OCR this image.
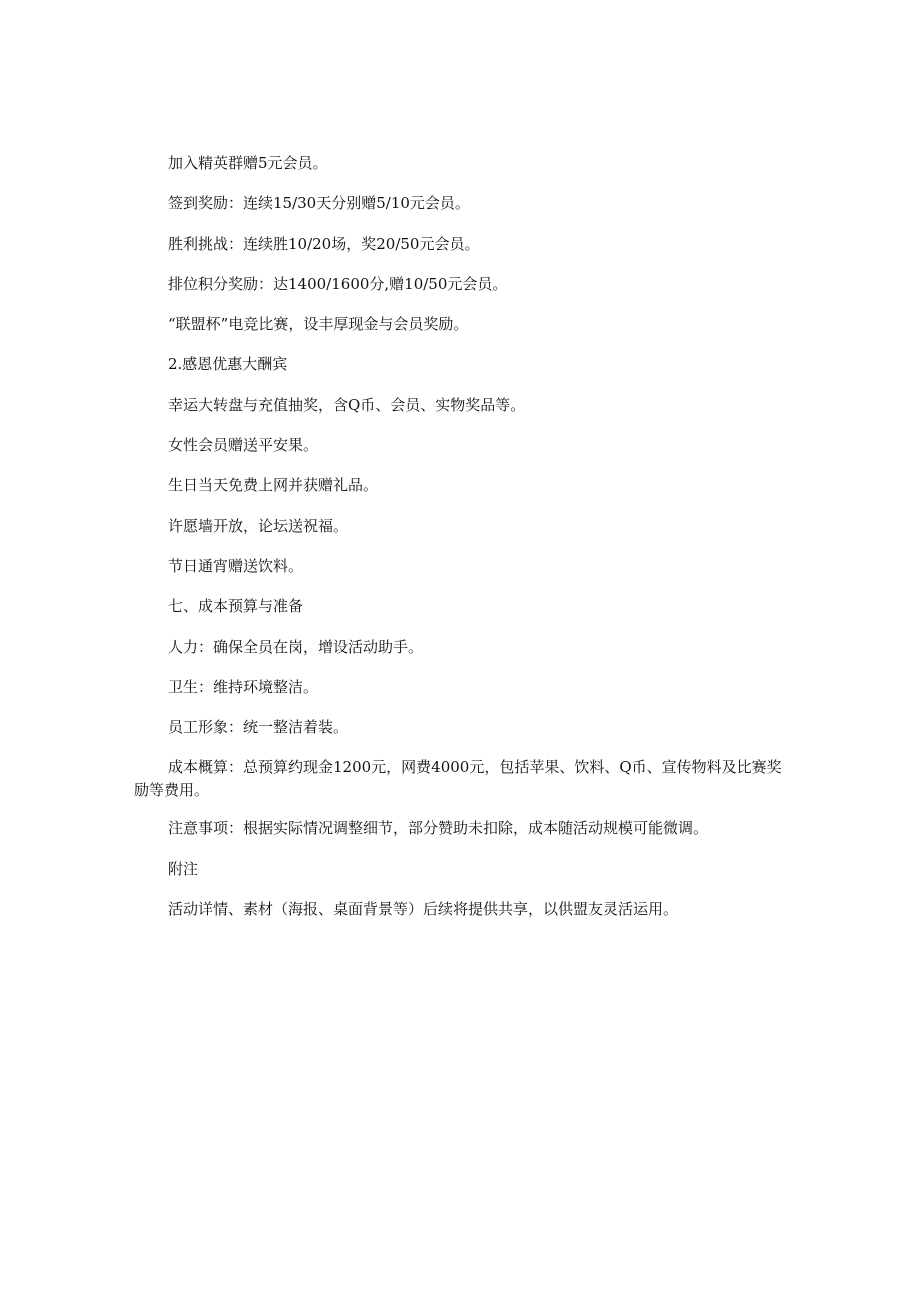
加入精英群赠5元会员。

签到奖励：连续15/30天分别赠5/10元会员。

胜利挑战：连续胜10/20场，奖20/50元会员。

排位积分奖励：达1400/1600分,赠10/50元会员。

“联盟杯”电竞比赛，设丰厚现金与会员奖励。

2.感恩优惠大酬宾

幸运大转盘与充值抽奖，含Q币、会员、实物奖品等。

女性会员赠送平安果。

生日当天免费上网并获赠礼品。

许愿墙开放，论坛送祝福。

节日通宵赠送饮料。

七、成本预算与准备

人力：确保全员在岗，增设活动助手。

卫生：维持环境整洁。

员工形象：统一整洁着装。

成本概算：总预算约现金1200元，网费4000元，包括苹果、饮料、Q币、宣传物料及比赛奖励等费用。

注意事项：根据实际情况调整细节，部分赞助未扣除，成本随活动规模可能微调。

附注

活动详情、素材（海报、桌面背景等）后续将提供共享，以供盟友灵活运用。
